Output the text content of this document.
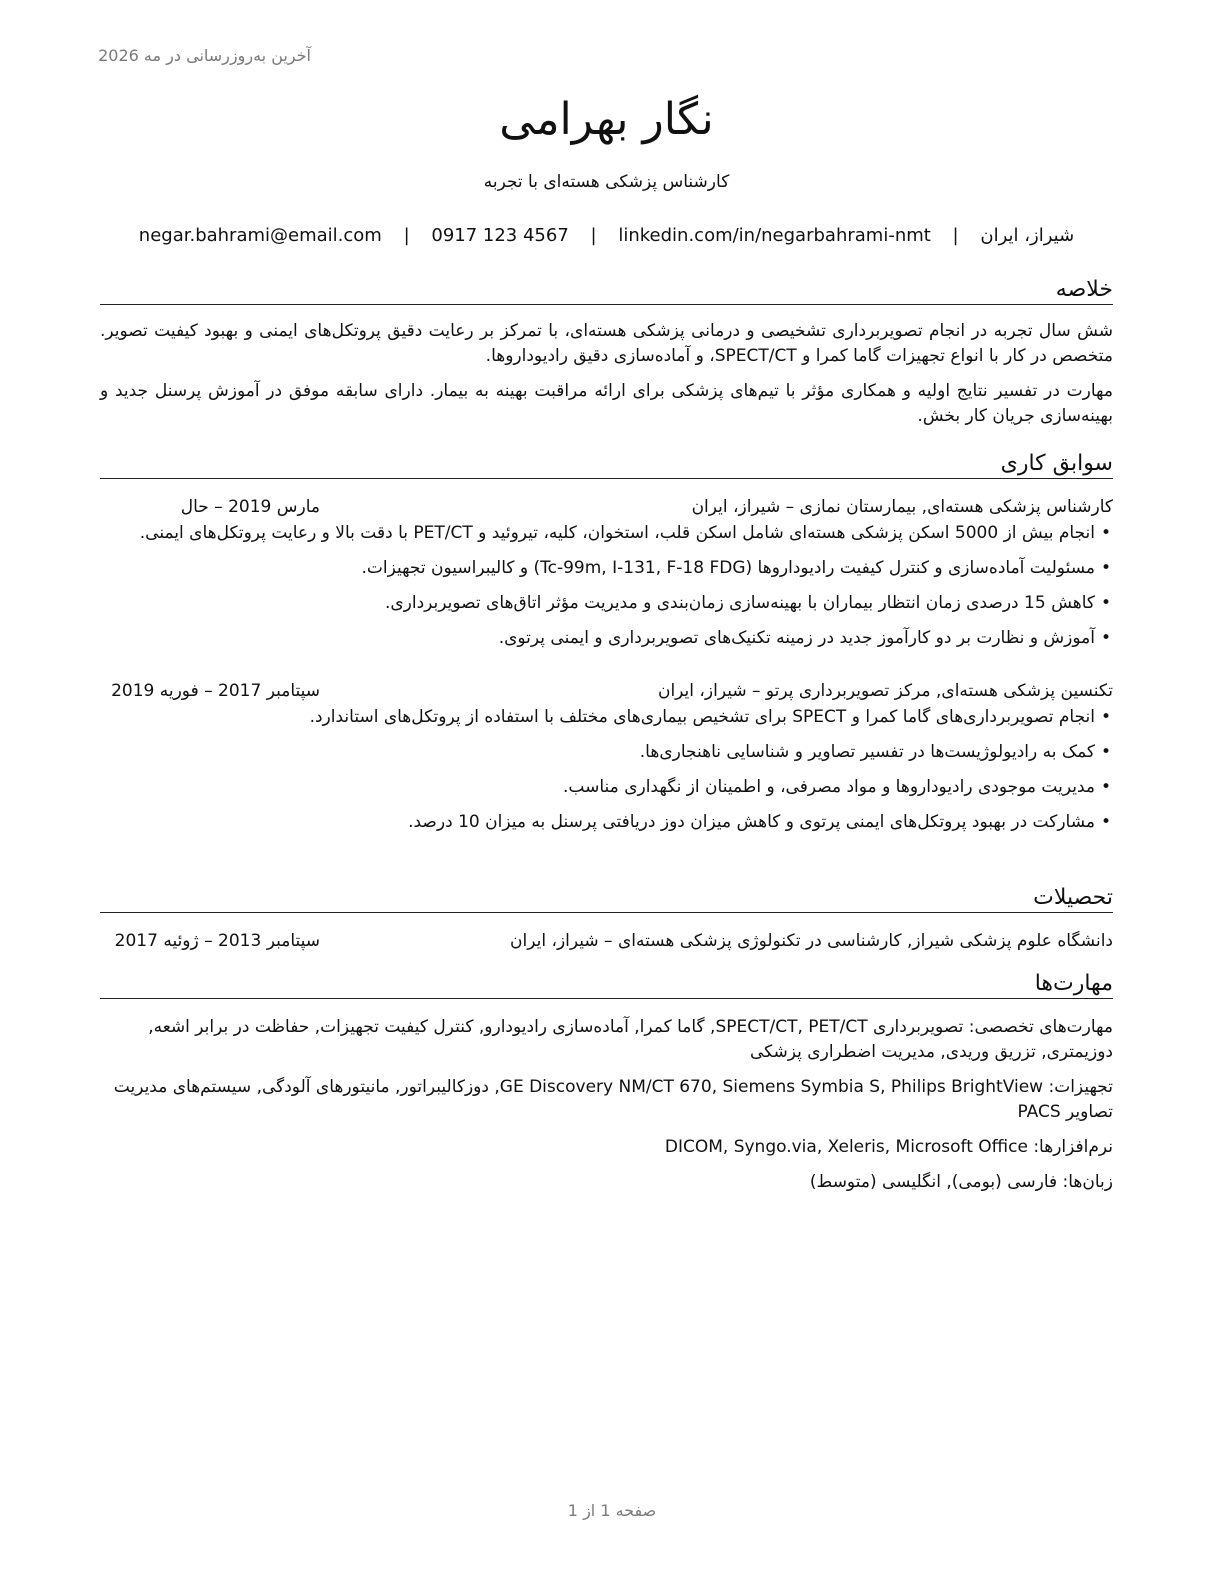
آخرین به‌روزرسانی در مه 2026
نگار بهرامی
کارشناس پزشکی هسته‌ای با تجربه
شیراز، ایران | negar.bahrami@email.com | 0917 123 4567 | linkedin.com/in/negarbahrami-nmt
خلاصه

شش سال تجربه در انجام تصویربرداری تشخیصی و درمانی پزشکی هسته‌ای، با تمرکز بر رعایت دقیق پروتکل‌های ایمنی و بهبود کیفیت تصویر. متخصص در کار با انواع تجهیزات گاما کمرا و SPECT/CT، و آماده‌سازی دقیق رادیوداروها.

مهارت در تفسیر نتایج اولیه و همکاری مؤثر با تیم‌های پزشکی برای ارائه مراقبت بهینه به بیمار. دارای سابقه موفق در آموزش پرسنل جدید و بهینه‌سازی جریان کار بخش.

سوابق کاری
کارشناس پزشکی هسته‌ای, بیمارستان نمازی – شیراز، ایران
مارس 2019 – حال
• انجام بیش از 5000 اسکن پزشکی هسته‌ای شامل اسکن قلب، استخوان، کلیه، تیروئید و PET/CT با دقت بالا و رعایت پروتکل‌های ایمنی.
• مسئولیت آماده‌سازی و کنترل کیفیت رادیوداروها (Tc-99m, I-131, F-18 FDG) و کالیبراسیون تجهیزات.
• کاهش 15 درصدی زمان انتظار بیماران با بهینه‌سازی زمان‌بندی و مدیریت مؤثر اتاق‌های تصویربرداری.
• آموزش و نظارت بر دو کارآموز جدید در زمینه تکنیک‌های تصویربرداری و ایمنی پرتوی.
تکنسین پزشکی هسته‌ای, مرکز تصویربرداری پرتو – شیراز، ایران
سپتامبر 2017 – فوریه 2019
• انجام تصویربرداری‌های گاما کمرا و SPECT برای تشخیص بیماری‌های مختلف با استفاده از پروتکل‌های استاندارد.
• کمک به رادیولوژیست‌ها در تفسیر تصاویر و شناسایی ناهنجاری‌ها.
• مدیریت موجودی رادیوداروها و مواد مصرفی، و اطمینان از نگهداری مناسب.
• مشارکت در بهبود پروتکل‌های ایمنی پرتوی و کاهش میزان دوز دریافتی پرسنل به میزان 10 درصد.
تحصیلات
دانشگاه علوم پزشکی شیراز, کارشناسی در تکنولوژی پزشکی هسته‌ای – شیراز، ایران
سپتامبر 2013 – ژوئیه 2017
مهارت‌ها

مهارت‌های تخصصی: تصویربرداری SPECT/CT, PET/CT, گاما کمرا, آماده‌سازی رادیودارو, کنترل کیفیت تجهیزات, حفاظت در برابر اشعه, دوزیمتری, تزریق وریدی, مدیریت اضطراری پزشکی

تجهیزات: GE Discovery NM/CT 670, Siemens Symbia S, Philips BrightView, دوزکالیبراتور, مانیتورهای آلودگی, سیستم‌های مدیریت تصاویر PACS

نرم‌افزارها: DICOM, Syngo.via, Xeleris, Microsoft Office

زبان‌ها: فارسی (بومی), انگلیسی (متوسط)

صفحه 1 از 1
